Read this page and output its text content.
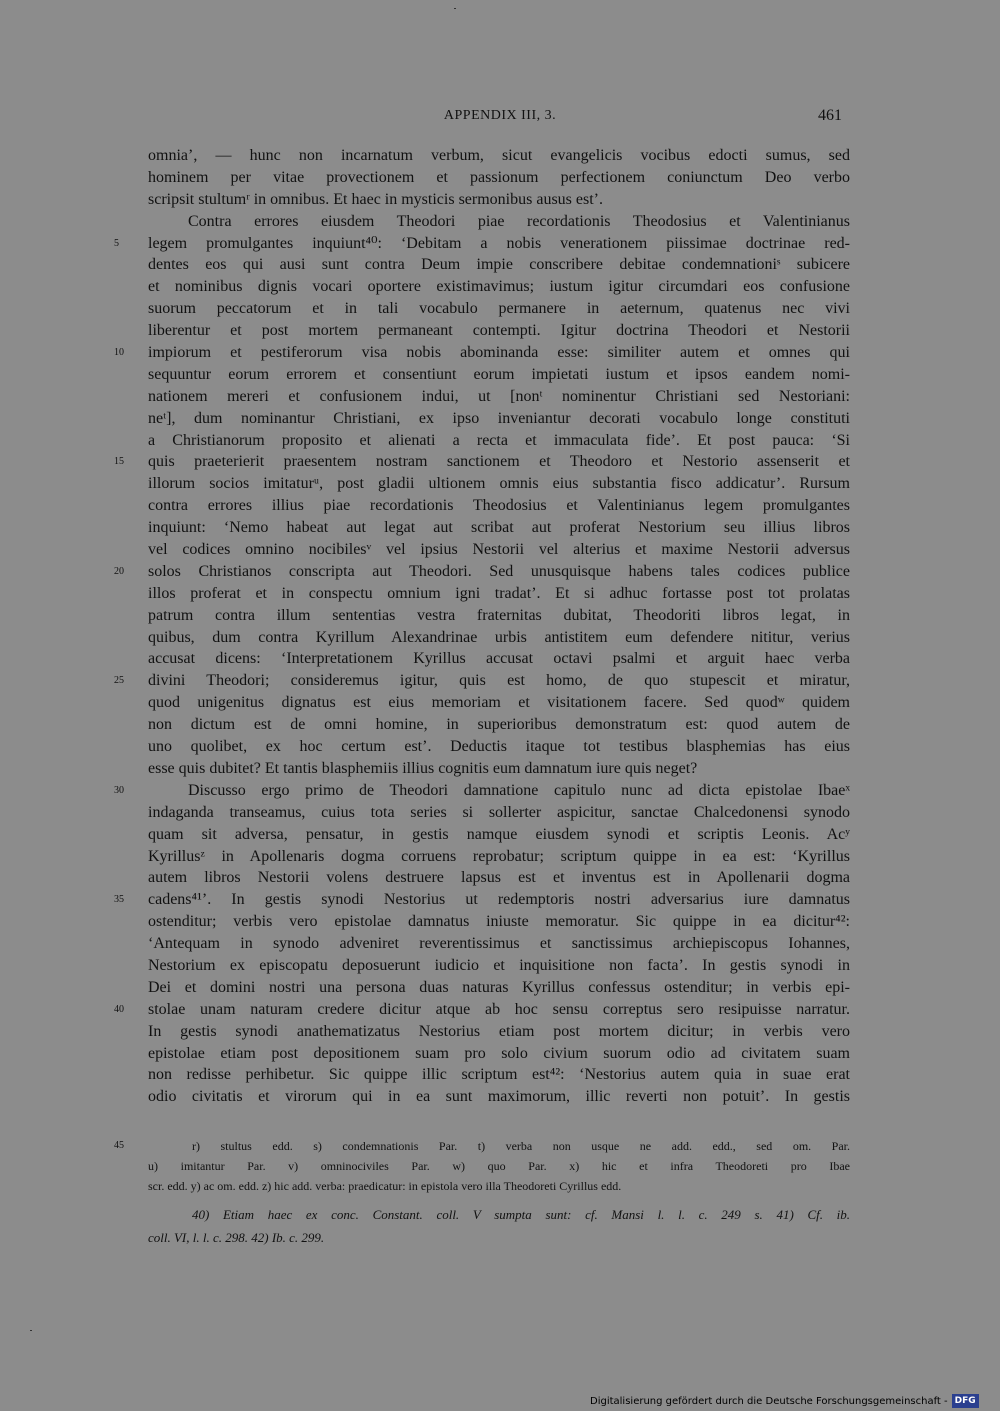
APPENDIX III, 3.	461
omnia’, — hunc non incarnatum verbum, sicut evangelicis vocibus edocti sumus, sed
hominem per vitae provectionem et passionum perfectionem coniunctum Deo verbo
scripsit stultumʳ in omnibus. Et haec in mysticis sermonibus ausus est’.
Contra errores eiusdem Theodori piae recordationis Theodosius et Valentinianus
5	legem promulgantes inquiunt⁴⁰: ‘Debitam a nobis venerationem piissimae doctrinae red-
dentes eos qui ausi sunt contra Deum impie conscribere debitae condemnationiˢ subicere
et nominibus dignis vocari oportere existimavimus; iustum igitur circumdari eos confusione
suorum peccatorum et in tali vocabulo permanere in aeternum, quatenus nec vivi
liberentur et post mortem permaneant contempti. Igitur doctrina Theodori et Nestorii
10 impiorum et pestiferorum visa nobis abominanda esse: similiter autem et omnes qui
sequuntur eorum errorem et consentiunt eorum impietati iustum et ipsos eandem nomi-
nationem mereri et confusionem indui, ut [nonᵗ nominentur Christiani sed Nestoriani:
neᵗ], dum nominantur Christiani, ex ipso inveniantur decorati vocabulo longe constituti
a Christianorum proposito et alienati a recta et immaculata fide’. Et post pauca: ‘Si
15 quis praeterierit praesentem nostram sanctionem et Theodoro et Nestorio assenserit et
illorum socios imitaturᵘ, post gladii ultionem omnis eius substantia fisco addicatur’. Rursum
contra errores illius piae recordationis Theodosius et Valentinianus legem promulgantes
inquiunt: ‘Nemo habeat aut legat aut scribat aut proferat Nestorium seu illius libros
vel codices omnino nocibilesᵛ vel ipsius Nestorii vel alterius et maxime Nestorii adversus
20 solos Christianos conscripta aut Theodori. Sed unusquisque habens tales codices publice
illos proferat et in conspectu omnium igni tradat’. Et si adhuc fortasse post tot prolatas
patrum contra illum sententias vestra fraternitas dubitat, Theodoriti libros legat, in
quibus, dum contra Kyrillum Alexandrinae urbis antistitem eum defendere nititur, verius
accusat dicens: ‘Interpretationem Kyrillus accusat octavi psalmi et arguit haec verba
25 divini Theodori; consideremus igitur, quis est homo, de quo stupescit et miratur,
quod unigenitus dignatus est eius memoriam et visitationem facere. Sed quodʷ quidem
non dictum est de omni homine, in superioribus demonstratum est: quod autem de
uno quolibet, ex hoc certum est’. Deductis itaque tot testibus blasphemias has eius
esse quis dubitet? Et tantis blasphemiis illius cognitis eum damnatum iure quis neget?
30	Discusso ergo primo de Theodori damnatione capitulo nunc ad dicta epistolae Ibaeˣ
indaganda transeamus, cuius tota series si sollerter aspicitur, sanctae Chalcedonensi synodo
quam sit adversa, pensatur, in gestis namque eiusdem synodi et scriptis Leonis. Acʸ
Kyrillusᶻ in Apollenaris dogma corruens reprobatur; scriptum quippe in ea est: ‘Kyrillus
autem libros Nestorii volens destruere lapsus est et inventus est in Apollenarii dogma
35 cadens⁴¹’. In gestis synodi Nestorius ut redemptoris nostri adversarius iure damnatus
ostenditur; verbis vero epistolae damnatus iniuste memoratur. Sic quippe in ea dicitur⁴²:
‘Antequam in synodo adveniret reverentissimus et sanctissimus archiepiscopus Iohannes,
Nestorium ex episcopatu deposuerunt iudicio et inquisitione non facta’. In gestis synodi in
Dei et domini nostri una persona duas naturas Kyrillus confessus ostenditur; in verbis epi-
40 stolae unam naturam credere dicitur atque ab hoc sensu correptus sero resipuisse narratur.
In gestis synodi anathematizatus Nestorius etiam post mortem dicitur; in verbis vero
epistolae etiam post depositionem suam pro solo civium suorum odio ad civitatem suam
non redisse perhibetur. Sic quippe illic scriptum est⁴²: ‘Nestorius autem quia in suae erat
odio civitatis et virorum qui in ea sunt maximorum, illic reverti non potuit’. In gestis
45	r) stultus edd. s) condemnationis Par. t) verba non usque ne add. edd., sed om. Par.
u) imitantur Par. v) omninociviles Par. w) quo Par. x) hic et infra Theodoreti pro Ibae
scr. edd. y) ac om. edd. z) hic add. verba: praedicatur: in epistola vero illa Theodoreti Cyrillus edd.
40) Etiam haec ex conc. Constant. coll. V sumpta sunt: cf. Mansi l. l. c. 249 s. 41) Cf. ib.
coll. VI, l. l. c. 298. 42) Ib. c. 299.
Digitalisierung gefördert durch die Deutsche Forschungsgemeinschaft - DFG
